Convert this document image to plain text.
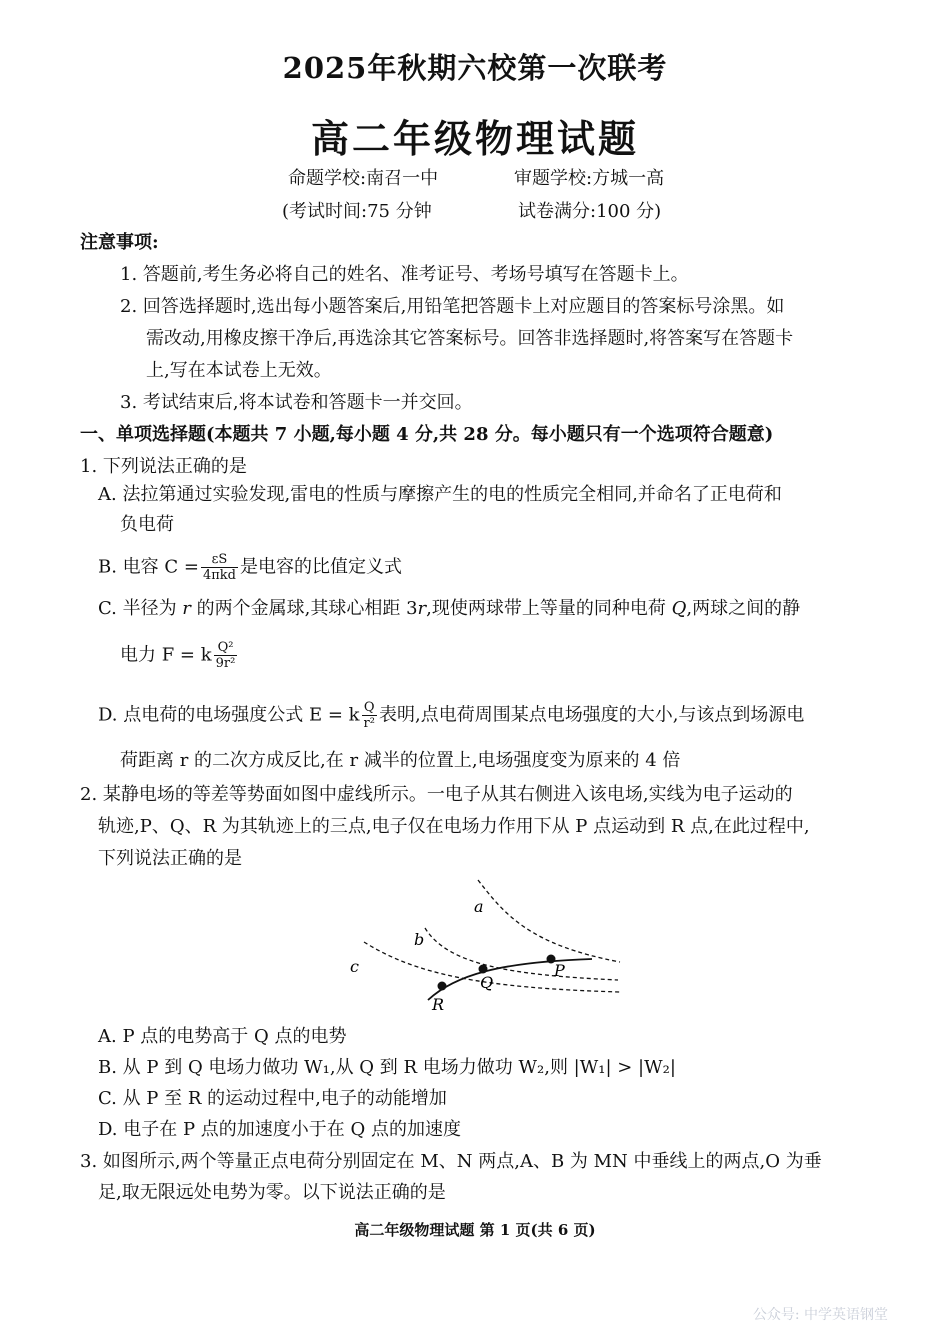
2025年秋期六校第一次联考
高二年级物理试题
命题学校:南召一中	审题学校:方城一高
(考试时间:75 分钟	试卷满分:100 分)
注意事项:
1. 答题前,考生务必将自己的姓名、准考证号、考场号填写在答题卡上。
2. 回答选择题时,选出每小题答案后,用铅笔把答题卡上对应题目的答案标号涂黑。如
需改动,用橡皮擦干净后,再选涂其它答案标号。回答非选择题时,将答案写在答题卡
上,写在本试卷上无效。
3. 考试结束后,将本试卷和答题卡一并交回。
一、单项选择题(本题共 7 小题,每小题 4 分,共 28 分。每小题只有一个选项符合题意)
1. 下列说法正确的是
A. 法拉第通过实验发现,雷电的性质与摩擦产生的电的性质完全相同,并命名了正电荷和
负电荷
B. 电容 $C = \frac{\varepsilon S}{\text{4πkd}}$ 是电容的比值定义式
C. 半径为 r 的两个金属球,其球心相距 3r,现使两球带上等量的同种电荷 Q,两球之间的静
电力 F = k $\frac{\text{Q²}}{\text{9r²}}$
D. 点电荷的电场强度公式 E = k $\frac{Q}{\text{r²}}$ 表明,点电荷周围某点电场强度的大小,与该点到场源电
荷距离 r 的二次方成反比,在 r 减半的位置上,电场强度变为原来的 4 倍
2. 某静电场的等差等势面如图中虚线所示。一电子从其右侧进入该电场,实线为电子运动的
轨迹,P、Q、R 为其轨迹上的三点,电子仅在电场力作用下从 P 点运动到 R 点,在此过程中,
下列说法正确的是
a
b
c	P
Q
R
A. P 点的电势高于 Q 点的电势
B. 从 P 到 Q 电场力做功 W₁,从 Q 到 R 电场力做功 W₂,则 |W₁| > |W₂|
C. 从 P 至 R 的运动过程中,电子的动能增加
D. 电子在 P 点的加速度小于在 Q 点的加速度
3. 如图所示,两个等量正点电荷分别固定在 M、N 两点,A、B 为 MN 中垂线上的两点,O 为垂
足,取无限远处电势为零。以下说法正确的是
高二年级物理试题 第 1 页(共 6 页)
公众号: 中学英语钢堂
